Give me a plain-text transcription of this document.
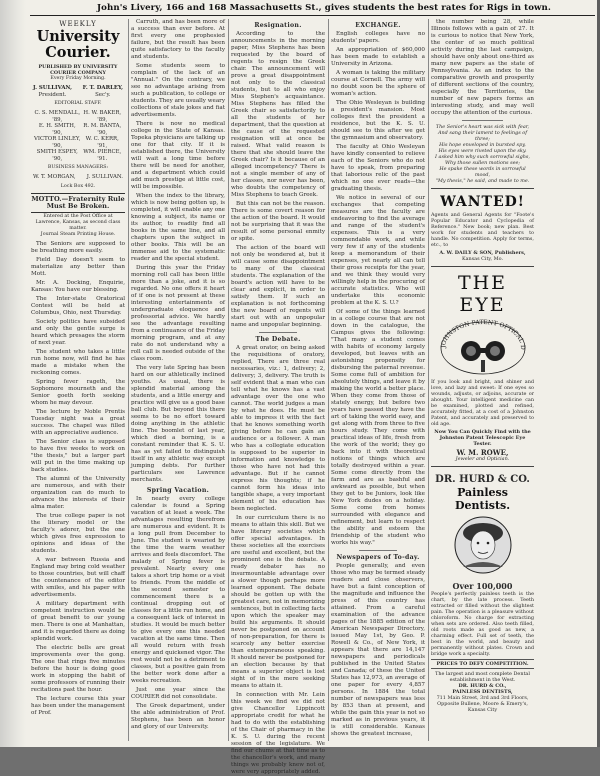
John's Livery, 166 and 168 Massachusetts St., gives students the best rates for Rigs in town.
WEEKLY
University Courier.
PUBLISHED BY UNIVERSITY COURIER COMPANY
Every Friday Morning.
J. SULLIVAN,
President.
F. T. DARLEY,
Sec'y.
EDITORIAL STAFF.
C. S. MENDALL, '89,
E. H. SMITH, '90,
VICTOR LINLEY, '90,
SMITH ESPEY, '90,
H. W. BAKER, '89,
R. M. BANTA, '90,
W. C. KERR, '91,
WM. PIERCE, '91.
BUSINESS MANAGERS:
W. T. MORGAN, J. SULLIVAN.
Lock Box 492.
MOTTO.—Fraternity Rule Must Be Broken.
Entered at the Post Office at Lawrence, Kansas, as second class matter.
Journal Steam Printing House.

The Seniors are supposed to be breathing more easily.

Field Day doesn't seem to materialize any better than Mott.

Mr. A. Docking, Enquirie, Kansas: You have our blessing.

The Inter-state Oratorical Contest will be held at Columbus, Ohio, next Thursday.

Society politics have subsided and only the gentle surge is heard which presages the storm of next year.

The student who takes a little run home now, will find he has made a mistake when the reckoning comes.

Spring fever rageth, the Sophomore mourneth and the Senior goeth forth seeking whom he may devour.

The lecture by Noble Prentis Tuesday night was a great success. The chapel was filled with an appreciative audience.

The Senior class is supposed to have five weeks to work on "the thesis," but a larger part will put in the time making up back studies.

The alumni of the University are numerous, and with their organization can do much to advance the interests of their alma mater.

The true college paper is not the literary model or the faculty's adorer, but the one which gives free expression to opinions and ideas of the students.

A war between Russia and England may bring cold weather to those countries, but will chaff the countenance of the editor with smiles, and his paper with advertisements.

A military department with competent instruction would be of great benefit to our young men. There is one at Manhattan, and it is regarded there as doing splendid work.

The electric bells are great improvements over the gong. The one that rings five minutes before the hour is doing good work in stopping the habit of some professors of running their recitations past the hour.

The lecture course this year has been under the management of Prof.

Carruth, and has been more of a success than ever before. At first every one prophesied failure, but the result has been quite satisfactory to the faculty and students.

Some students seem to complain of the lack of an "Annual." On the contrary, we see no advantage arising from such a publication, to college or students. They are usually weary collections of stale jokes and fiat advertisements.

There is now no medical college in the State of Kansas. Topeka physicians are talking up one for that city. If it is established there, the University will wait a long time before there will be need for another, and a department which could add much prestige at little cost, will be impossible.

When the index to the library, which is now being gotten up, is completed, it will enable any one knowing a subject, its name or its author, to readily find all books in the same line, and all chapters upon the subject in other books. This will be an immense aid to the systematic reader and the special student.

During this year the Friday morning roll call has been little more than a joke, and it is so regarded. No one offers it heart of if one is not present at these interesting entertainments of undergraduate eloquence and professorial advice. We hardly see the advantage resulting from a continuance of the Friday morning program, and at any rate do not understand why a roll call is needed outside of the class room.

The very late Spring has been hard on our athletically inclined youths. As usual, there is splendid material among the students, and a little energy and practice will give us a good base ball club. But beyond this there seems to be no effort toward doing anything in the athletic line. The boomlet of last year, which died a borning, is a constant reminder that K. S. U. has as yet failed to distinguish itself in any athletic way except jumping debts. For further particulars see Lawrence merchants.

Spring Vacation.

In nearly every college calendar is found a Spring vacation of at least a week. The advantages resulting therefrom are numerous and evident. It is a long pull from December to June. The student is wearied by the time the warm weather arrives and feels discomfort. The malady of Spring fever is prevalent. Nearly every one takes a short trip home or a visit to friends. From the middle of the second semester to commencement there is a continual dropping out of classes for a little run home, and a consequent lack of interest in studies. It would be much better to give every one this needed vacation at the same time. Then all would return with fresh energy and quickened vigor. The rest would not be a detriment to classes, but a positive gain from the better work done after a weeks recreation.

Just one year since the COURIER did not consolidate.

The Greek department, under the able administration of Prof. Stephens, has been an honor and glory of our University.

Resignation.

According to the announcements in the morning paper, Miss Stephens has been requested by the board of regents to resign the Greek chair. The announcement will prove a great disappointment not only to the classical students, but to all who enjoy Miss Stephen's acquaintance. Miss Stephens has filled the Greek chair so satisfactorily to all the students of her department, that the question at the cause of the requested resignation will at once be raised. What valid reason is there that she should leave the Greek chair? Is it because of an alleged incompetency? There is not a single member of any of her classes, nor never has been, who doubts the competency of Miss Stephens to teach Greek.

But this can not be the reason. There is some covert reason for the action of the board. It would not be surprising that it was the result of some personal enmity or spite.

The action of the board will not only be wondered at, but it will cause some disappointment to many of the classical students. The explanation of the board's action will have to be clear and explicit, in order to satisfy them. If such an explanation is not forthcoming the new board of regents will start out with an unpopular name and unpopular beginning.

The Debate.

A great orator, on being asked the requisitions of oratory, replied, There are three real necessaries, viz.: 1, delivery; 2, delivery; 3, delivery. The truth is self evident that a man who can tell what he knows has a vast advantage over the one who cannot. The world judges a man by what he does. He must be able to impress it with the fact that he knows something worth giving before he can gain an audience or a follower. A man who has a collegiate education is supposed to be superior in information and knowledge to those who have not had this advantage. But if he cannot express his thoughts; if he cannot form his ideas into tangible shape, a very important element of his education has been neglected.

In our curriculum there is no means to attain this skill. But we have literary societies which offer special advantages. In these societies all the exercises are useful and excellent, but the prominent one is the debate. A ready debater has no insurmountable advantage over a slower though perhaps more learned opponent. The debate should be gotten up with the greatest care, not in memorizing sentences, but in collecting facts upon which the speaker may build his arguments. It should never be postponed on account of non-preparation, for there is scarcely any better exercise than extemporaneous speaking. It should never be postponed for an election because by that means a superior object is lost sight of in the mere seeking means to attain it.

In connection with Mr. Lein this week we find we did not give Chancellor Lippincott appropriate credit for what he had to do with the establishing of the Chair of pharmacy in the K. S. U. during the recent session of the legislature. We find our chums at that time as to the chancellor's work, and many things we probably knew not of, were very appropriately added.

EXCHANGE.

English colleges have no students' papers.

An appropriation of $60,000 has been made to establish a University in Arizona.

A woman is taking the military course at Cornell. The army will no doubt soon be the sphere of woman's action.

The Ohio Wesleyan is building a president's mansion. Most colleges first the president a residence, but the K. S. U. should see to this after we get the gymnasium and observatory.

The faculty at Ohio Wesleyan have kindly consented to relieve each of the Seniors who do not have to speak, from preparing that laborious relic of the past which no one ever reads—the graduating thesis.

We notice in several of our exchanges that competing measures are the faculty are endeavoring to find the average and range of the student's expenses. This is a very commendable work, and while very few if any of the students keep a memorandum of their expenses, yet nearly all can tell their gross receipts for the year, and we think they would very willingly help in the procuring of accurate statistics. Who will undertake this economic problem at the K. S. U.?

Of some of the things learned in a college course that are not down in the catalogue, the Campus gives the following: "That many a student comes with habits of economy largely developed, but leaves with an astonishing propensity for disbursing the paternal revenue. Some come full of ambition for absolutely things, and leave it by making the world a better place. When they come from those of stately energy, but before two years have passed they have the art of taking the world easy, and get along with from three to five hours study. They come with practical ideas of life, fresh from the work of the world; they go back into it with theoretical notions of things which are totally destroyed within a year. Some come directly from the farm and are as bashful and awkward as possible, but when they get to be Juniors, look like New York dudes on a holiday. Some come from homes surrounded with elegance and refinement, but learn to respect the ability and esteem the friendship of the student who works his way."

Newspapers of To-day.

People generally, and even those who may be termed steady readers and close observers, have but a faint conception of the magnitude and influence the press of this country has attained. From a careful examination of the advance pages of the 1885 edition of the American Newspaper Directory, issued May 1st, by Geo. P. Rowell & Co., of New York, it appears that there are 14,147 newspapers and periodicals published in the United States and Canada; of these the United States has 12,973, an average of one paper for every 4,857 persons. In 1884 the total number of newspapers was less by 853 than at present, and while the gain this year is not so marked as in previous years, it is still considerable. Kansas shows the greatest increase,

the number being 28, while Illinois follows with a gain of 27. It is curious to notice that New York, the center of so much political activity during the last campaign, should have only about one-third as many new papers as the state of Pennsylvania. As an index to the comparative growth and prosperity of different sections of the country, especially the Territories, the number of new papers forms an interesting study, and may well occupy the attention of the curious.

The Senior's heart was sick with fear,
And sang their lament to feelings of three;
His hope enveloped in bursted spy,
His eyes were riveted upon the sky.
I asked him why such sorrowful sighs,
Why those sullen motions see;
He spake these words in sorrowful mood,
"My thesis," he said, and made to me.
WANTED!

Agents and General Agents for "Foote's Popular Educator and Cyclopedia of Reference." New book; new plan. Best work for students and teachers to handle. No competition. Apply for terms, etc., to

A. W. DAILY & SON, Publishers,
Kansas City, Mo.
THE EYE
JOHNSTON PATENT OPTICAL D

If you look and bright, and shiner and love, and lazy and sweet: If one eyes so wounds, adjusts, or adjoins, accurate or ahought. Your intelligent medicine can be examined, plotted and refined, accurately fitted, at a cost of a Johnston Patent, and accurately and preserved to old age.

Now You Can Quickly Find with the
Johnston Patent Telescopic Eye Tester.
W. M. ROWE,
Jeweler and Optician.
DR. HURD & CO.
Painless Dentists.
Over 100,000

People's perfectly painless teeth is the chart, by the late process. Teeth extracted or filled without the slightest pain. The operation is a pleasure without chloroform. No charge for extracting when sets are ordered. Also teeth filled, old roots made as good as new, a charming effect. Full set of teeth, the best in the world, and beauty and permanently without plates. Crown and bridge work a specialty.

PRICES TO DEFY COMPETITION.
The largest and most complete Dental establishment in the West.
DR. HURD & CO.,
PAINLESS DENTISTS,
711 Main Street, 3rd and 3rd Floors,
Opposite Bullene, Moore & Emery's, Kansas City
